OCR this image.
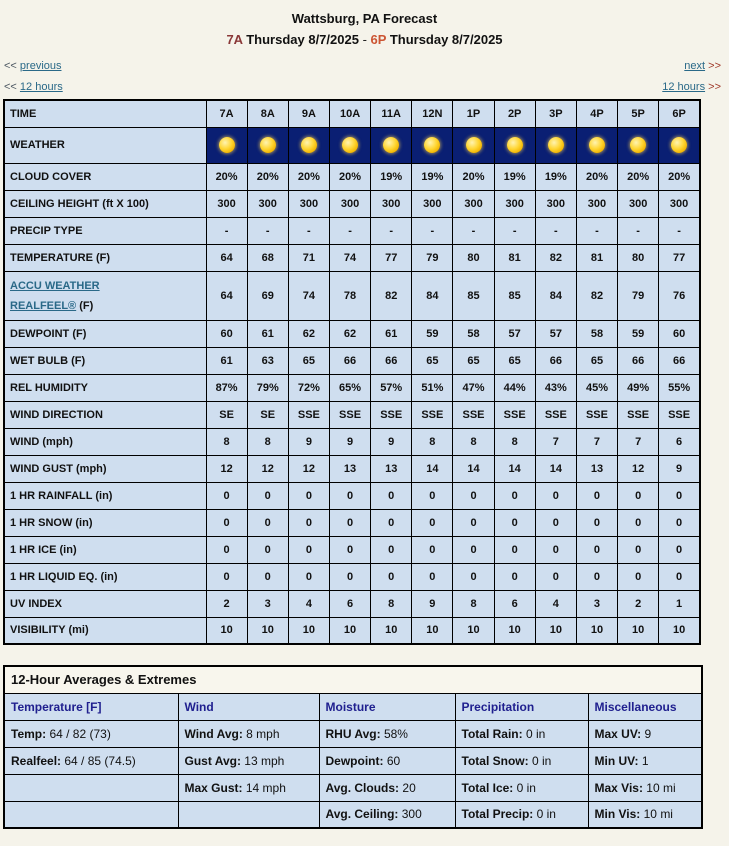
Wattsburg, PA Forecast
7A Thursday 8/7/2025 - 6P Thursday 8/7/2025
<< previous	next >>
<< 12 hours	12 hours >>
TIME	7A	8A	9A	10A	11A	12N	1P	2P	3P	4P	5P	6P
WEATHER												
CLOUD COVER	20%	20%	20%	20%	19%	19%	20%	19%	19%	20%	20%	20%
CEILING HEIGHT (ft X 100)	300	300	300	300	300	300	300	300	300	300	300	300
PRECIP TYPE	-	-	-	-	-	-	-	-	-	-	-	-
TEMPERATURE (F)	64	68	71	74	77	79	80	81	82	81	80	77
ACCU WEATHER
REALFEEL® (F)	64	69	74	78	82	84	85	85	84	82	79	76
DEWPOINT (F)	60	61	62	62	61	59	58	57	57	58	59	60
WET BULB (F)	61	63	65	66	66	65	65	65	66	65	66	66
REL HUMIDITY	87%	79%	72%	65%	57%	51%	47%	44%	43%	45%	49%	55%
WIND DIRECTION	SE	SE	SSE	SSE	SSE	SSE	SSE	SSE	SSE	SSE	SSE	SSE
WIND (mph)	8	8	9	9	9	8	8	8	7	7	7	6
WIND GUST (mph)	12	12	12	13	13	14	14	14	14	13	12	9
1 HR RAINFALL (in)	0	0	0	0	0	0	0	0	0	0	0	0
1 HR SNOW (in)	0	0	0	0	0	0	0	0	0	0	0	0
1 HR ICE (in)	0	0	0	0	0	0	0	0	0	0	0	0
1 HR LIQUID EQ. (in)	0	0	0	0	0	0	0	0	0	0	0	0
UV INDEX	2	3	4	6	8	9	8	6	4	3	2	1
VISIBILITY (mi)	10	10	10	10	10	10	10	10	10	10	10	10
12-Hour Averages & Extremes				
Temperature [F]	Wind	Moisture	Precipitation	Miscellaneous
Temp: 64 / 82 (73)	Wind Avg: 8 mph	RHU Avg: 58%	Total Rain: 0 in	Max UV: 9
Realfeel: 64 / 85 (74.5)	Gust Avg: 13 mph	Dewpoint: 60	Total Snow: 0 in	Min UV: 1
	Max Gust: 14 mph	Avg. Clouds: 20	Total Ice: 0 in	Max Vis: 10 mi
		Avg. Ceiling: 300	Total Precip: 0 in	Min Vis: 10 mi
